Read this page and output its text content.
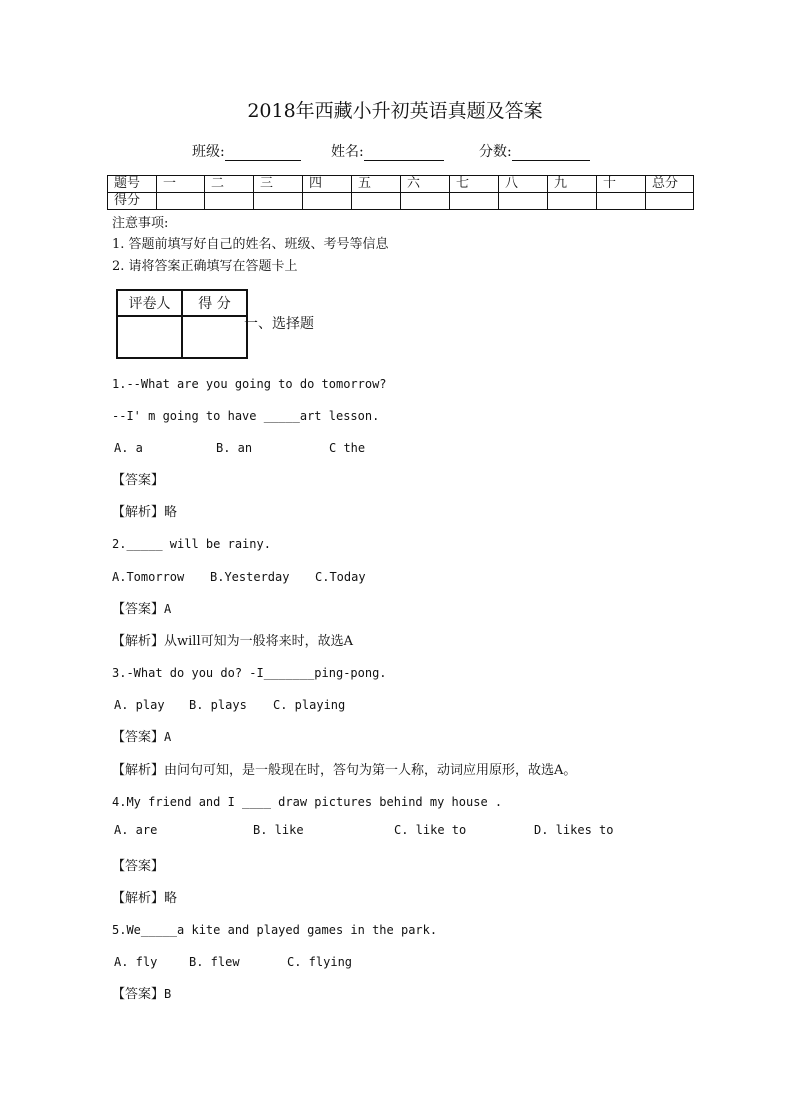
2018年西藏小升初英语真题及答案
班级:	姓名:	分数:
题号	一	二	三	四	五	六	七	八	九	十	总分
得分											
注意事项:
1. 答题前填写好自己的姓名、班级、考号等信息
2. 请将答案正确填写在答题卡上
评卷人	得 分

一、选择题
1.--What are you going to do tomorrow?
--I' m going to have _____art lesson.
A. a	B. an	C the
【答案】
【解析】略
2._____ will be rainy.
A.Tomorrow B.Yesterday C.Today
【答案】A
【解析】从will可知为一般将来时，故选A
3.-What do you do? -I_______ping-pong.
A. play B. plays C. playing
【答案】A
【解析】由问句可知，是一般现在时，答句为第一人称，动词应用原形，故选A。
4.My friend and I ____ draw pictures behind my house .
A. are	B. like	C. like to	D. likes to
【答案】
【解析】略
5.We_____a kite and played games in the park.
A. fly	B. flew	C. flying
【答案】B
